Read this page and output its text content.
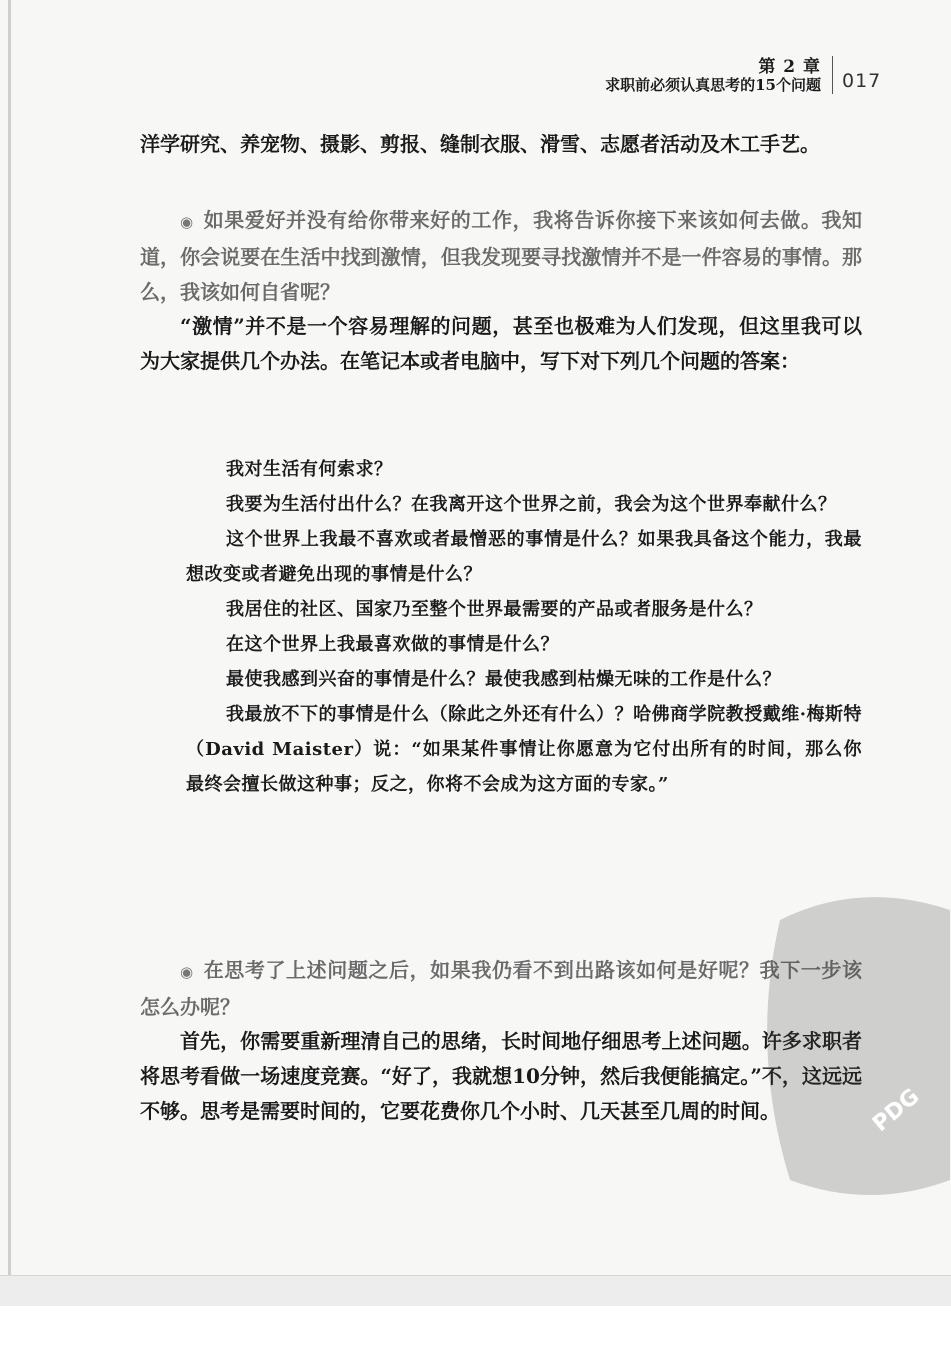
第 2 章
求职前必须认真思考的15个问题 017

洋学研究、养宠物、摄影、剪报、缝制衣服、滑雪、志愿者活动及木工手艺。

◉ 如果爱好并没有给你带来好的工作，我将告诉你接下来该如何去做。我知道，你会说要在生活中找到激情，但我发现要寻找激情并不是一件容易的事情。那么，我该如何自省呢？

“激情”并不是一个容易理解的问题，甚至也极难为人们发现，但这里我可以为大家提供几个办法。在笔记本或者电脑中，写下对下列几个问题的答案：

我对生活有何索求？

我要为生活付出什么？在我离开这个世界之前，我会为这个世界奉献什么？

这个世界上我最不喜欢或者最憎恶的事情是什么？如果我具备这个能力，我最想改变或者避免出现的事情是什么？

我居住的社区、国家乃至整个世界最需要的产品或者服务是什么？

在这个世界上我最喜欢做的事情是什么？

最使我感到兴奋的事情是什么？最使我感到枯燥无味的工作是什么？

我最放不下的事情是什么（除此之外还有什么）？哈佛商学院教授戴维·梅斯特（David Maister）说：“如果某件事情让你愿意为它付出所有的时间，那么你最终会擅长做这种事；反之，你将不会成为这方面的专家。”

◉ 在思考了上述问题之后，如果我仍看不到出路该如何是好呢？我下一步该怎么办呢？

首先，你需要重新理清自己的思绪，长时间地仔细思考上述问题。许多求职者将思考看做一场速度竞赛。“好了，我就想10分钟，然后我便能搞定。”不，这远远不够。思考是需要时间的，它要花费你几个小时、几天甚至几周的时间。	PDG
